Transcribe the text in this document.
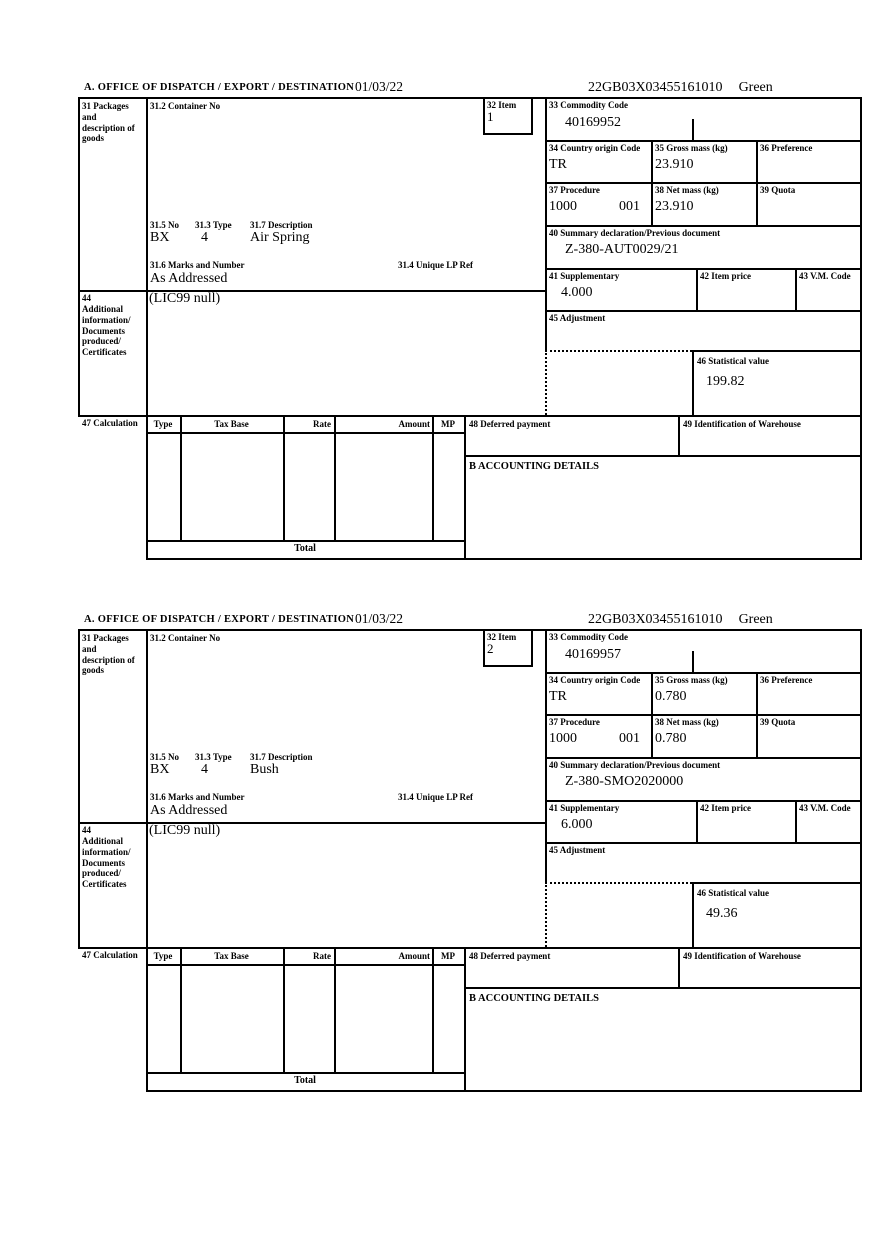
A. OFFICE OF DISPATCH / EXPORT / DESTINATION 01/03/22	22GB03X03455161010 Green
31 Packages and description of goods
31.2 Container No	32 Item
1
31.5 No 31.3 Type 31.7 Description
BX 4	Air Spring
31.6 Marks and Number	31.4 Unique LP Ref
As Addressed
44
Additional information/ Documents produced/ Certificates
(LIC99 null)
47 Calculation
33 Commodity Code
40169952
34 Country origin Code
TR
35 Gross mass (kg)
23.910
36 Preference
37 Procedure
1000	001
38 Net mass (kg)
23.910
39 Quota
40 Summary declaration/Previous document
Z-380-AUT0029/21
41 Supplementary
4.000
42 Item price	43 V.M. Code
45 Adjustment
46 Statistical value
199.82
Type	Tax Base	Rate	Amount	MP
Total
48 Deferred payment	49 Identification of Warehouse
B ACCOUNTING DETAILS
A. OFFICE OF DISPATCH / EXPORT / DESTINATION 01/03/22	22GB03X03455161010 Green
31 Packages and description of goods
31.2 Container No	32 Item
2
31.5 No 31.3 Type 31.7 Description
BX 4	Bush
31.6 Marks and Number	31.4 Unique LP Ref
As Addressed
44
Additional information/ Documents produced/ Certificates
(LIC99 null)
47 Calculation
33 Commodity Code
40169957
34 Country origin Code
TR
35 Gross mass (kg)
0.780
36 Preference
37 Procedure
1000	001
38 Net mass (kg)
0.780
39 Quota
40 Summary declaration/Previous document
Z-380-SMO2020000
41 Supplementary
6.000
42 Item price	43 V.M. Code
45 Adjustment
46 Statistical value
49.36
Type	Tax Base	Rate	Amount	MP
Total
48 Deferred payment	49 Identification of Warehouse
B ACCOUNTING DETAILS
